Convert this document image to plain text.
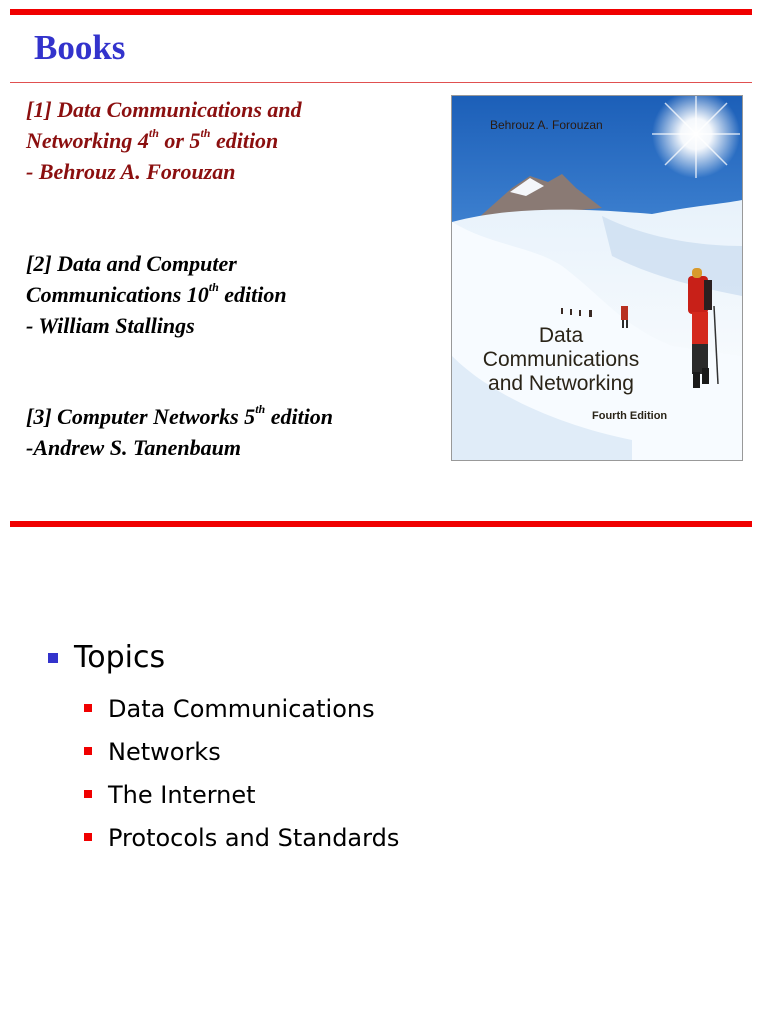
Books

[1] Data Communications and
Networking 4th or 5th edition
- Behrouz A. Forouzan

[2] Data and Computer
Communications 10th edition
- William Stallings

[3] Computer Networks 5th edition
-Andrew S. Tanenbaum

Behrouz A. Forouzan
Data
Communications
and Networking
Fourth Edition
Topics
Data Communications
Networks
The Internet
Protocols and Standards
